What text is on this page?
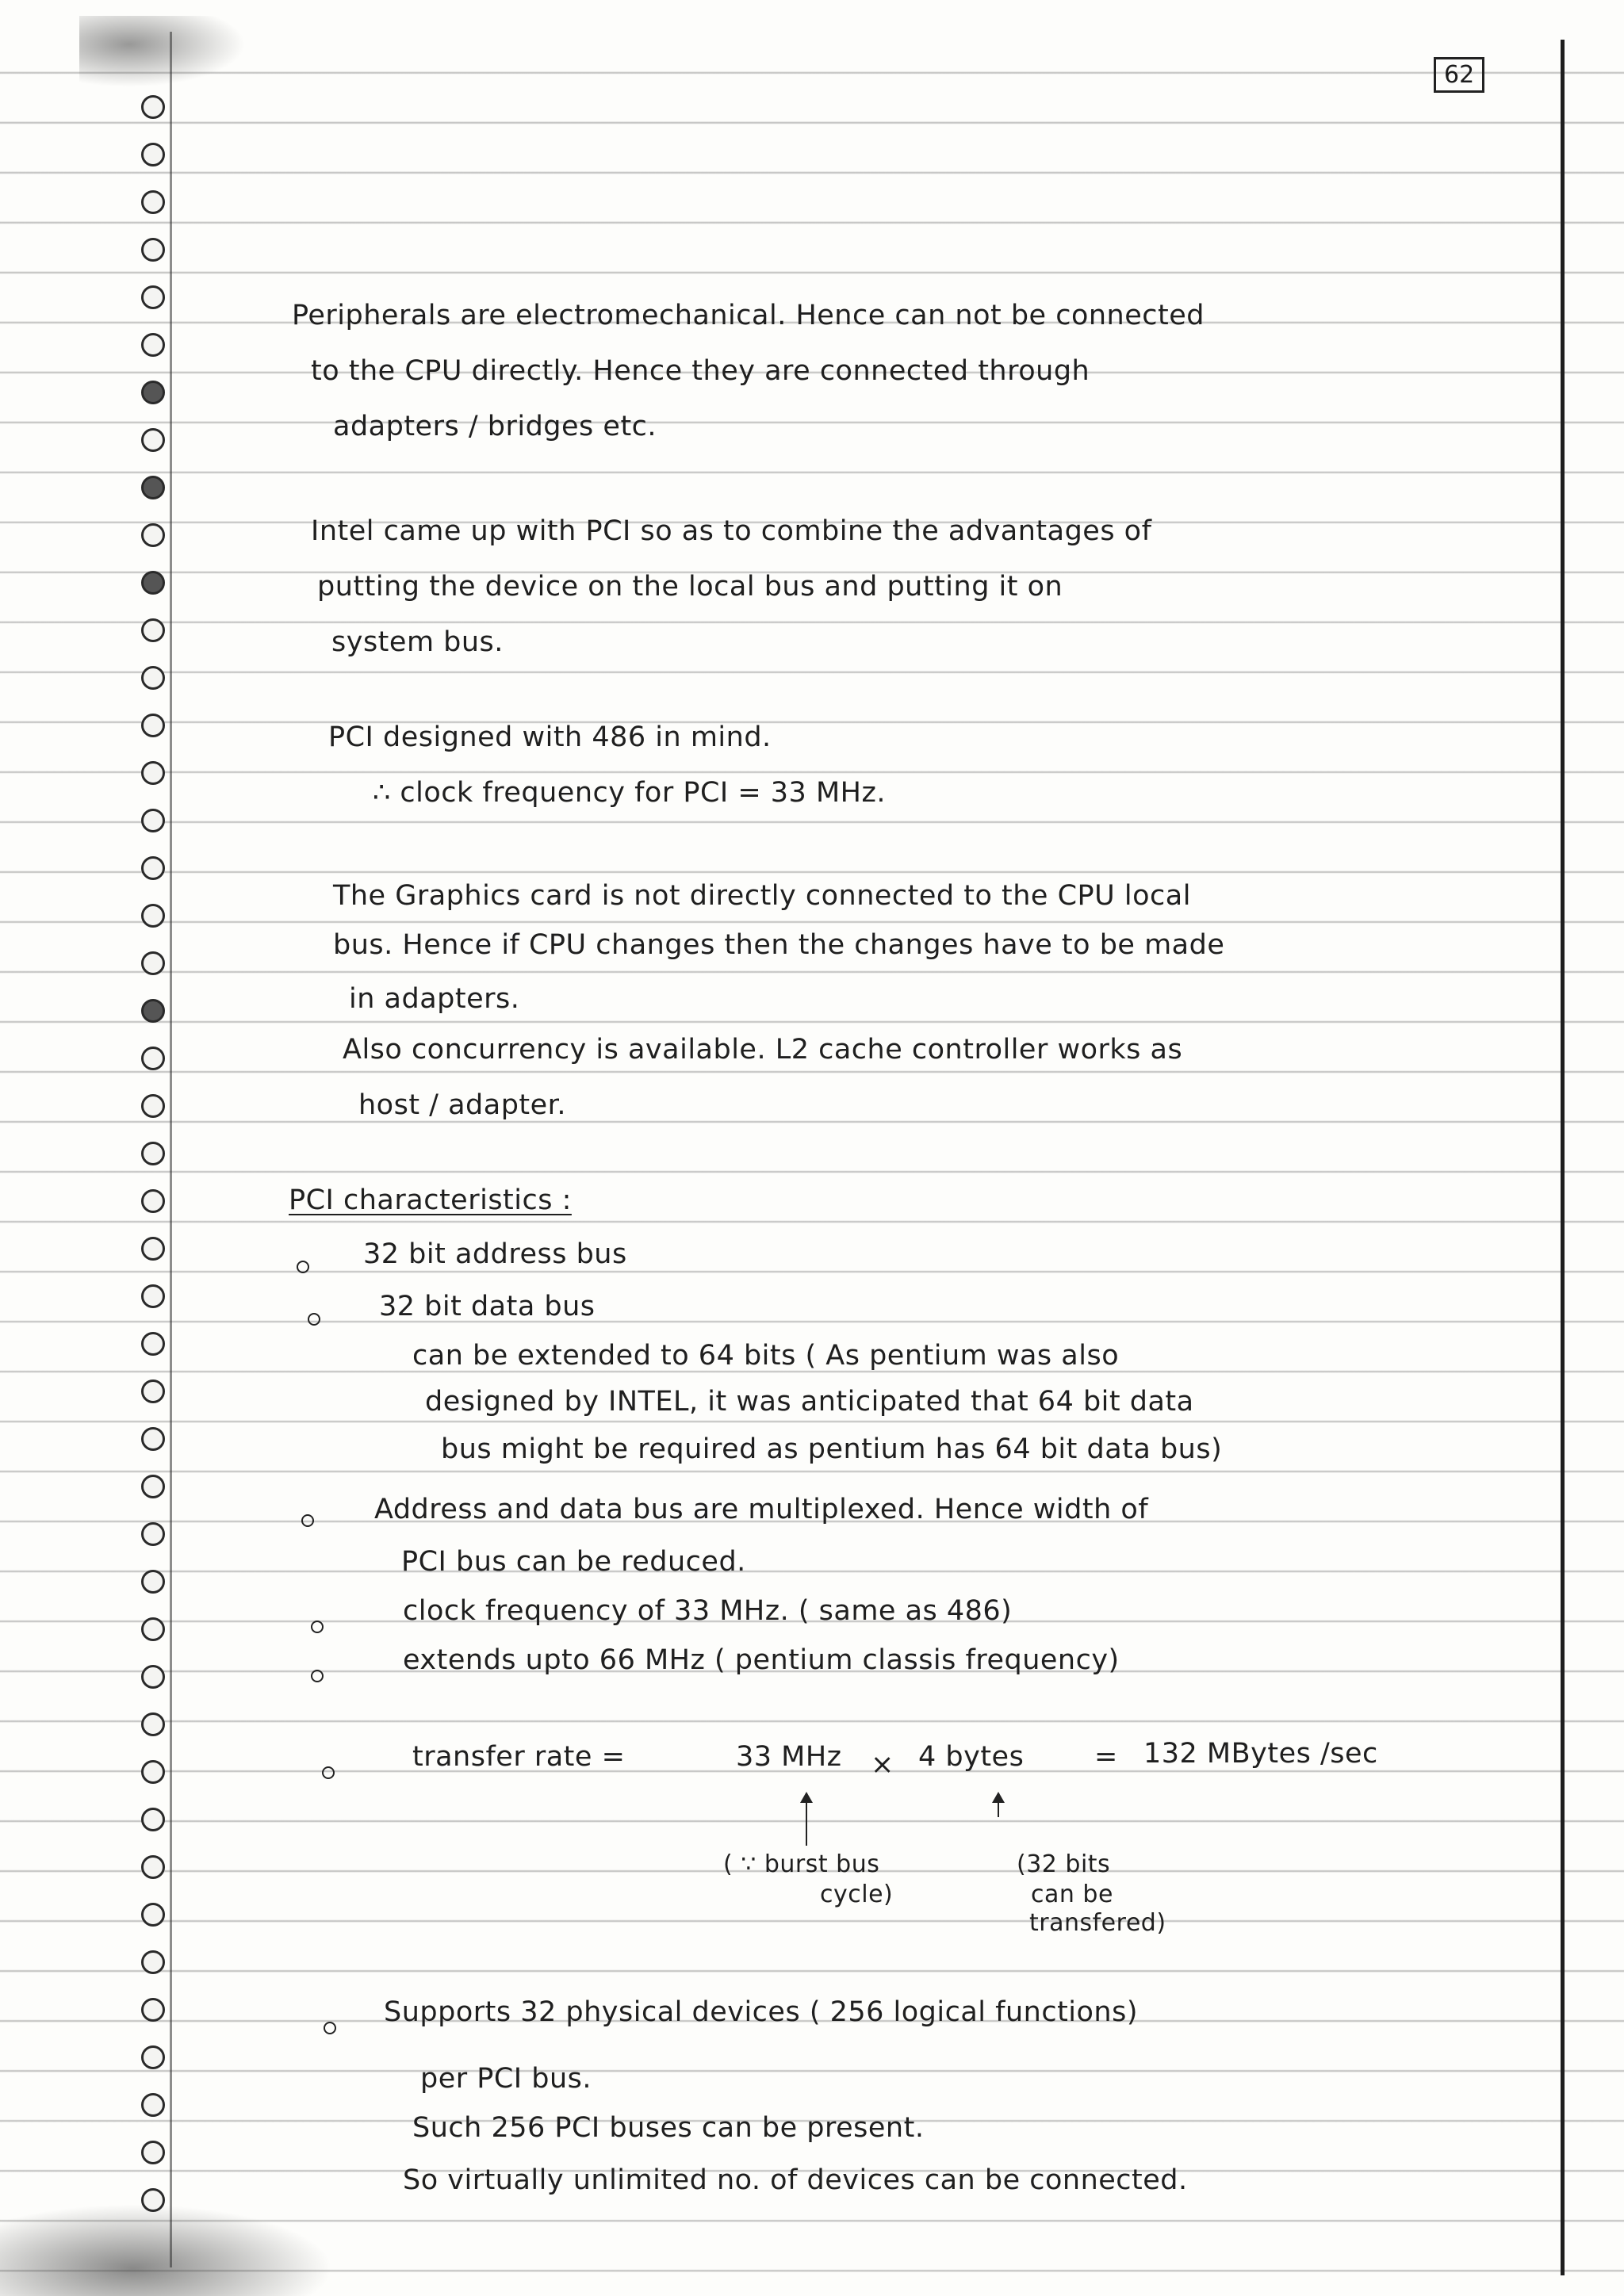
62
Peripherals are electromechanical. Hence can not be connected
to the CPU directly. Hence they are connected through
adapters / bridges etc.
Intel came up with PCI so as to combine the advantages of
putting the device on the local bus and putting it on
system bus.
PCI designed with 486 in mind.
∴ clock frequency for PCI = 33 MHz.
The Graphics card is not directly connected to the CPU local
bus. Hence if CPU changes then the changes have to be made
in adapters.
Also concurrency is available. L2 cache controller works as
host / adapter.
PCI characteristics :
32 bit address bus
32 bit data bus
can be extended to 64 bits ( As pentium was also
designed by INTEL, it was anticipated that 64 bit data
bus might be required as pentium has 64 bit data bus)
Address and data bus are multiplexed. Hence width of
PCI bus can be reduced.
clock frequency of 33 MHz. ( same as 486)
extends upto 66 MHz ( pentium classis frequency)
transfer rate =	33 MHz × 4 bytes	= 132 MBytes /sec
( ∵ burst bus
cycle)
(32 bits
can be
transfered)
Supports 32 physical devices ( 256 logical functions)
per PCI bus.
Such 256 PCI buses can be present.
So virtually unlimited no. of devices can be connected.
